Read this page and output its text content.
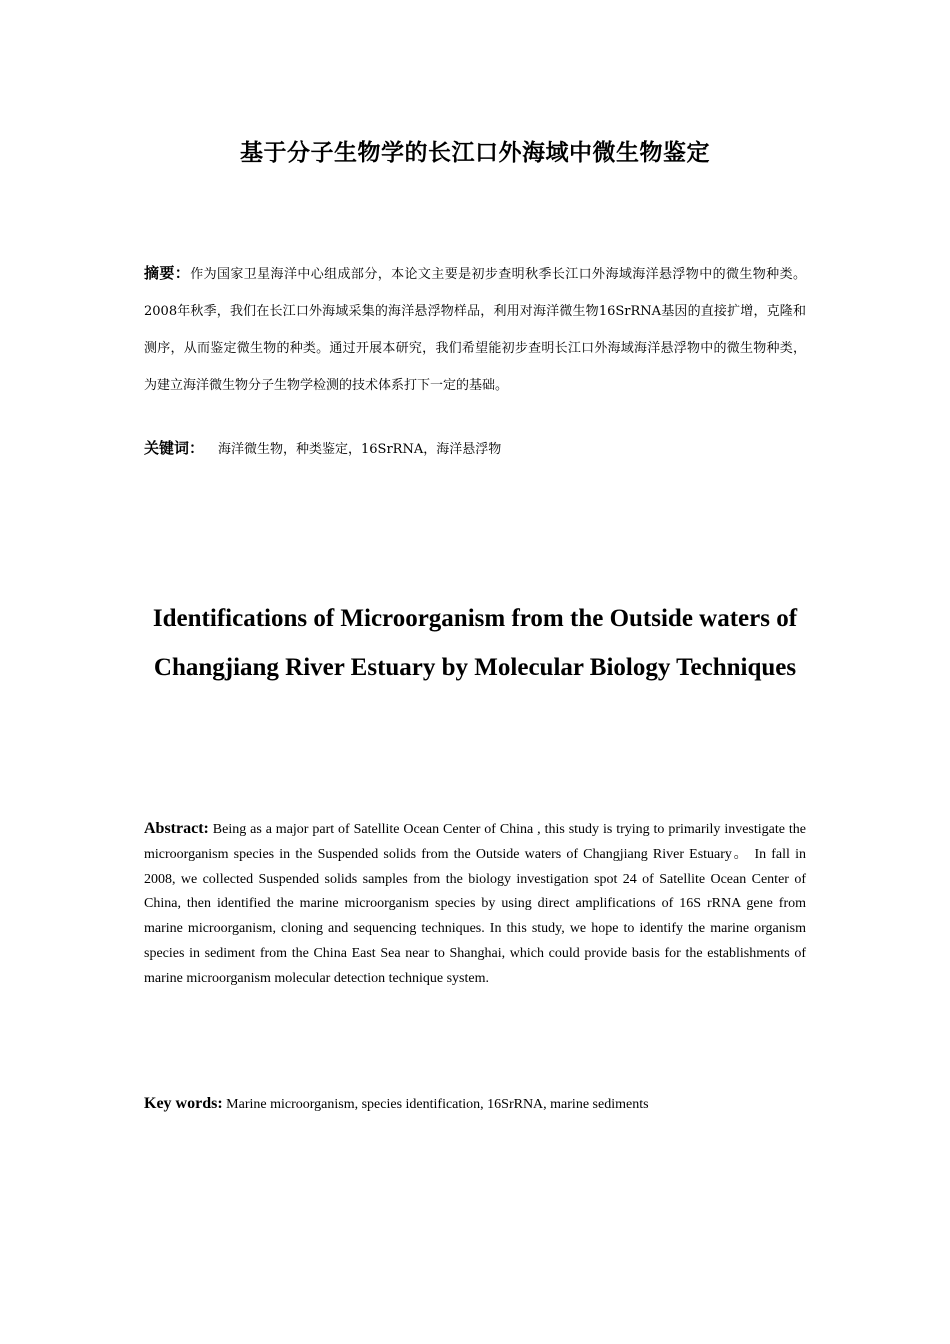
基于分子生物学的长江口外海域中微生物鉴定
摘要：作为国家卫星海洋中心组成部分，本论文主要是初步查明秋季长江口外海域海洋悬浮物中的微生物种类。2008年秋季，我们在长江口外海域采集的海洋悬浮物样品，利用对海洋微生物16SrRNA基因的直接扩增，克隆和测序，从而鉴定微生物的种类。通过开展本研究，我们希望能初步查明长江口外海域海洋悬浮物中的微生物种类，为建立海洋微生物分子生物学检测的技术体系打下一定的基础。
关键词： 海洋微生物，种类鉴定，16SrRNA，海洋悬浮物
Identifications of Microorganism from the Outside waters of
Changjiang River Estuary by Molecular Biology Techniques
Abstract: Being as a major part of Satellite Ocean Center of China , this study is trying to primarily investigate the microorganism species in the Suspended solids from the Outside waters of Changjiang River Estuary。 In fall in 2008, we collected Suspended solids samples from the biology investigation spot 24 of Satellite Ocean Center of China, then identified the marine microorganism species by using direct amplifications of 16S rRNA gene from marine microorganism, cloning and sequencing techniques. In this study, we hope to identify the marine organism species in sediment from the China East Sea near to Shanghai, which could provide basis for the establishments of marine microorganism molecular detection technique system.
Key words: Marine microorganism, species identification, 16SrRNA, marine sediments
